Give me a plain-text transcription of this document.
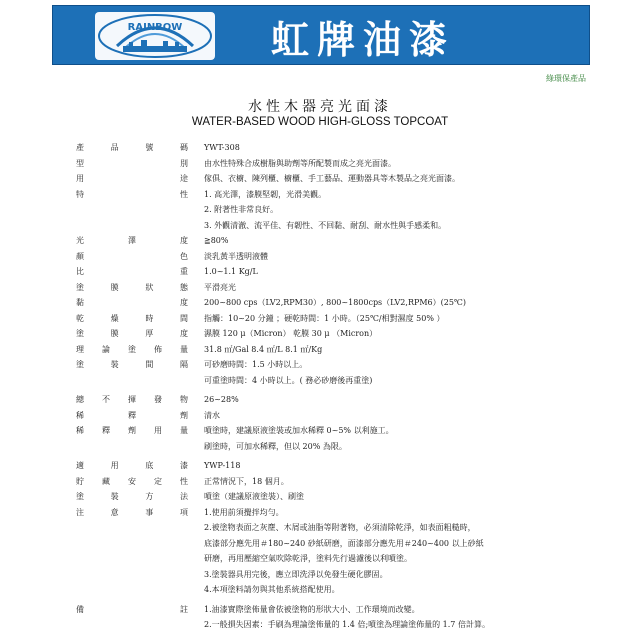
RAINBOW 虹牌油漆
綠環保產品
水性木器亮光面漆
WATER-BASED WOOD HIGH-GLOSS TOPCOAT
產	品	號	碼 YWT-308
型	別 由水性特殊合成樹脂與助劑等所配製而成之亮光面漆。
用	途 傢俱、衣櫥、陳列櫃、櫥櫃、手工藝品、運動器具等木製品之亮光面漆。
特	性 1. 高光澤，漆膜堅韌，光滑美觀。
2. 附著性非常良好。
3. 外觀清澈、流平佳、有韌性、不回黏、耐刮、耐水性與手感柔和。
光	澤	度 ≧80%
顏	色 淡乳黃半透明液體
比	重 1.0~1.1 Kg/L
塗	膜	狀	態 平滑亮光
黏	度 200~800 cps（LV2,RPM30）, 800~1800cps（LV2,RPM6）(25℃)
乾	燥	時	間 指觸：10~20 分鐘 ；硬乾時間：1 小時。（25℃/相對濕度 50% ）
塗	膜	厚	度 濕膜 120 μ（Micron） 乾膜 30 μ （Micron）
理 論 塗 佈 量 31.8 ㎡/Gal 8.4 ㎡/L 8.1 ㎡/Kg
塗	裝	間	隔 可砂磨時間：1.5 小時以上。
可重塗時間：4 小時以上。( 務必砂磨後再重塗)
總 不 揮 發 物 26~28%
稀	釋	劑 清水
稀 釋 劑 用 量 噴塗時，建議原液塗裝或加水稀釋 0~5% 以利施工。
刷塗時，可加水稀釋，但以 20% 為限。
適	用	底	漆 YWP-118
貯 藏 安 定 性 正常情況下，18 個月。
塗	裝	方	法 噴塗（建議原液塗裝）、刷塗
注	意	事	項 1.使用前須攪拌均勻。
2.被塗物表面之灰塵、木屑或油脂等附著物，必須清除乾淨，如表面粗糙時，
底漆部分應先用＃180~240 砂紙研磨，面漆部分應先用＃240~400 以上砂紙
研磨，再用壓縮空氣吹除乾淨，塗料先行過濾後以利噴塗。
3.塗裝器具用完後，應立即洗淨以免發生硬化膠固。
4.本項塗料請勿與其他系統搭配使用。
備	註 1.油漆實際塗佈量會依被塗物的形狀大小、工作環境而改變。
2.一般損失因素：手刷為理論塗佈量的 1.4 倍;噴塗為理論塗佈量的 1.7 倍計算。
